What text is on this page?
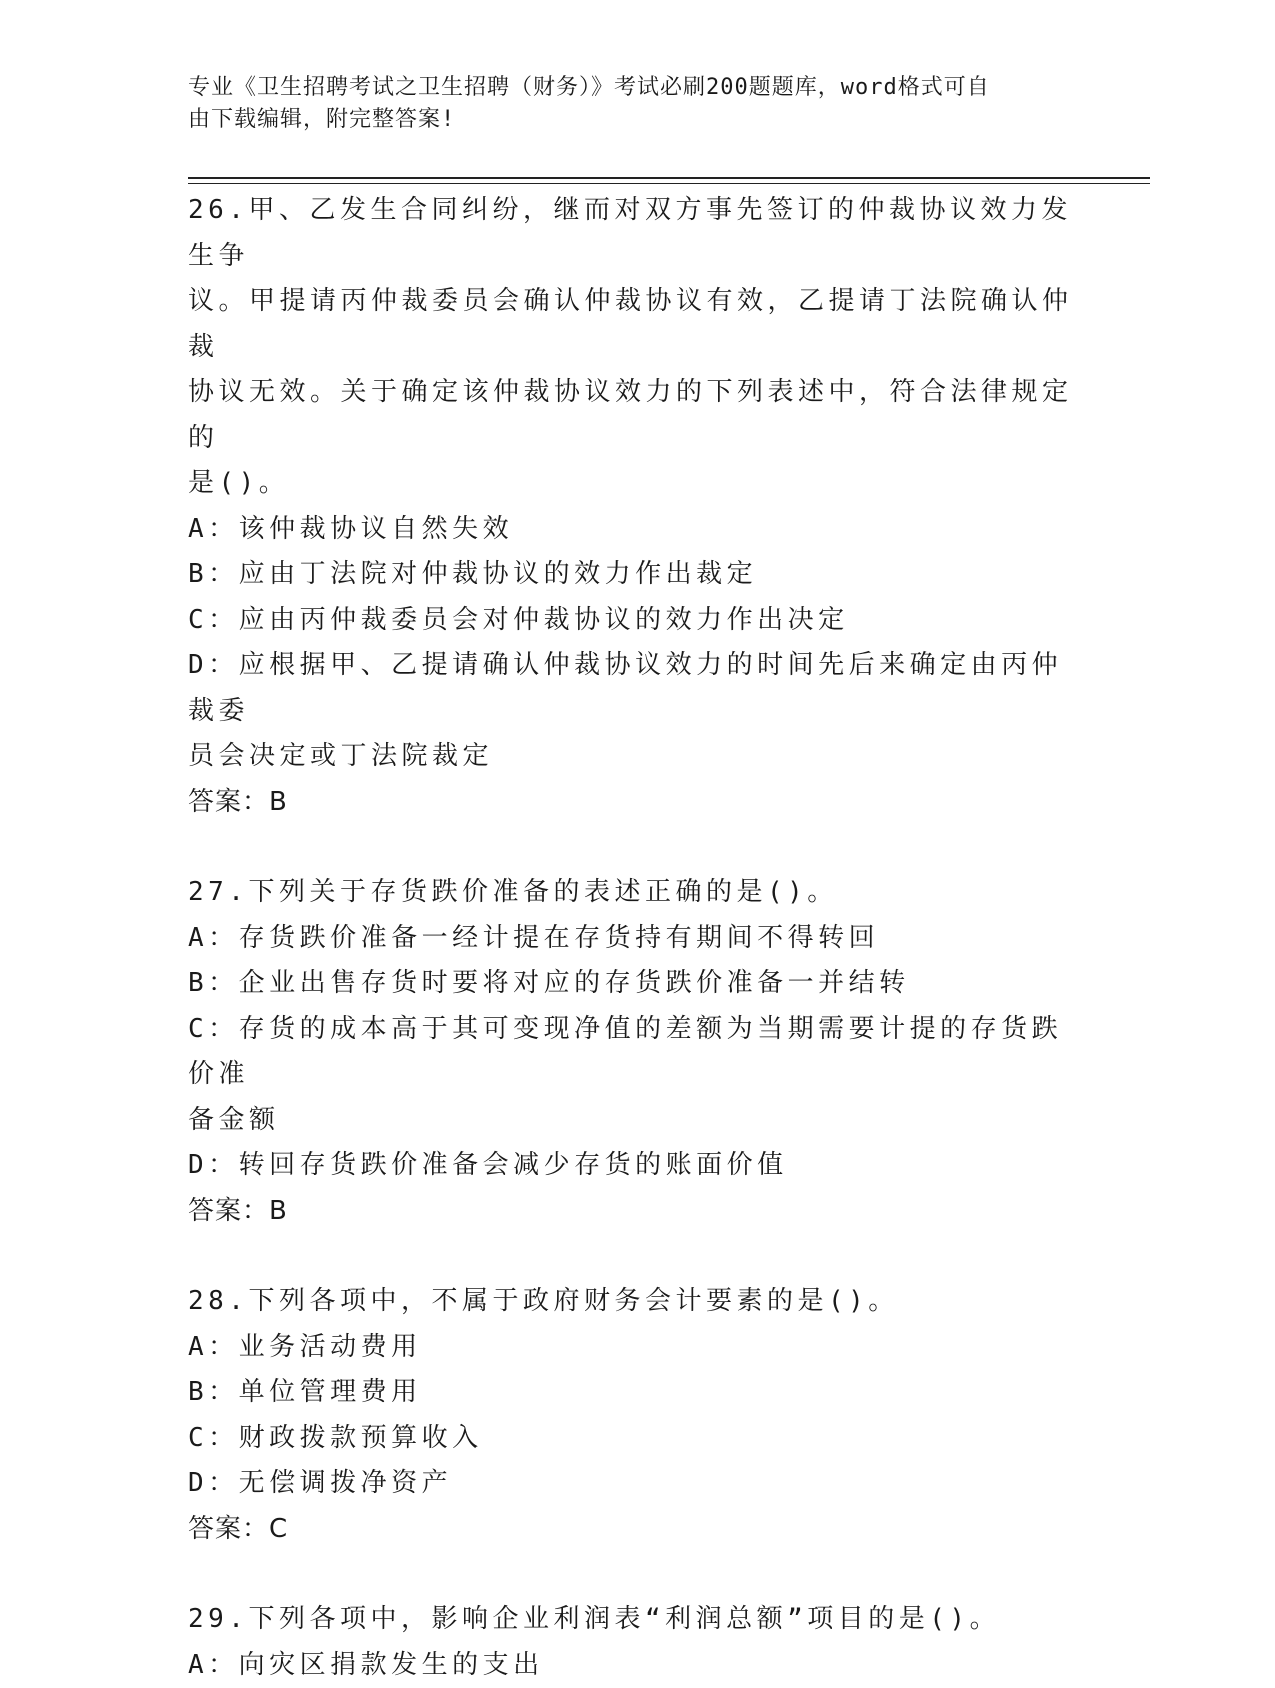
专业《卫生招聘考试之卫生招聘（财务）》考试必刷200题题库，word格式可自
由下载编辑，附完整答案!

26.甲、乙发生合同纠纷，继而对双方事先签订的仲裁协议效力发生争

议。甲提请丙仲裁委员会确认仲裁协议有效，乙提请丁法院确认仲裁

协议无效。关于确定该仲裁协议效力的下列表述中，符合法律规定的

是()。

A：该仲裁协议自然失效

B：应由丁法院对仲裁协议的效力作出裁定

C：应由丙仲裁委员会对仲裁协议的效力作出决定

D：应根据甲、乙提请确认仲裁协议效力的时间先后来确定由丙仲裁委

员会决定或丁法院裁定

答案：B

27.下列关于存货跌价准备的表述正确的是()。

A：存货跌价准备一经计提在存货持有期间不得转回

B：企业出售存货时要将对应的存货跌价准备一并结转

C：存货的成本高于其可变现净值的差额为当期需要计提的存货跌价准

备金额

D：转回存货跌价准备会减少存货的账面价值

答案：B

28.下列各项中，不属于政府财务会计要素的是()。

A：业务活动费用

B：单位管理费用

C：财政拨款预算收入

D：无偿调拨净资产

答案：C

29.下列各项中，影响企业利润表“利润总额”项目的是()。

A：向灾区捐款发生的支出
